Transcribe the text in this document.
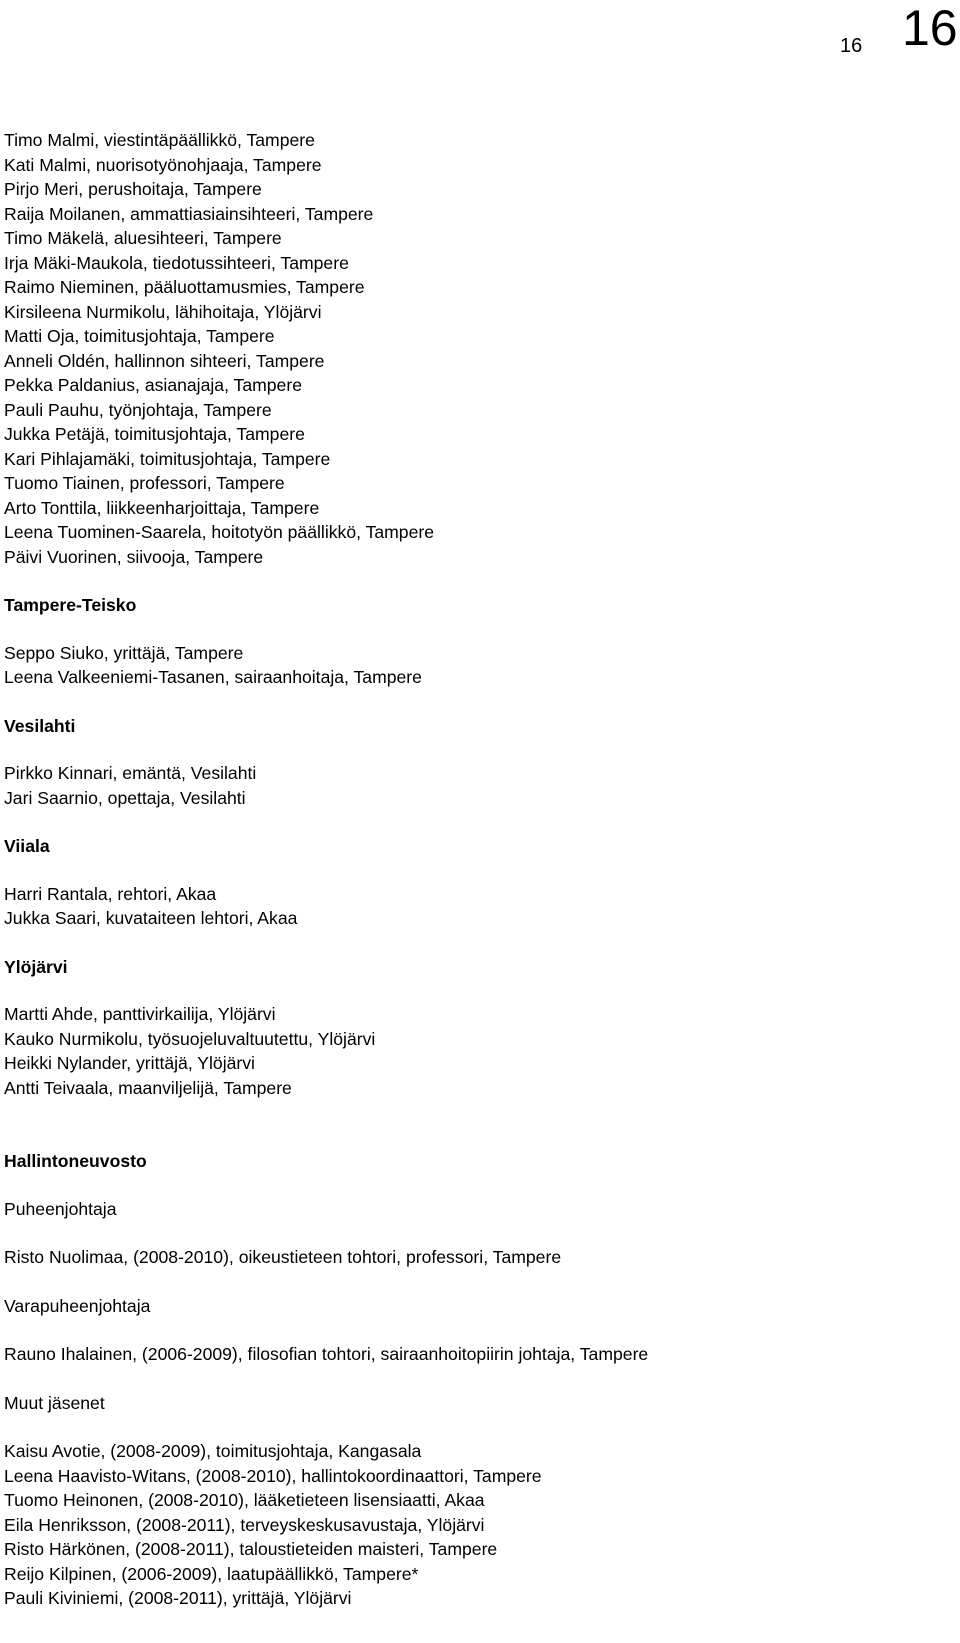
16 16
Timo Malmi, viestintäpäällikkö, Tampere
Kati Malmi, nuorisotyönohjaaja, Tampere
Pirjo Meri, perushoitaja, Tampere
Raija Moilanen, ammattiasiainsihteeri, Tampere
Timo Mäkelä, aluesihteeri, Tampere
Irja Mäki-Maukola, tiedotussihteeri, Tampere
Raimo Nieminen, pääluottamusmies, Tampere
Kirsileena Nurmikolu, lähihoitaja, Ylöjärvi
Matti Oja, toimitusjohtaja, Tampere
Anneli Oldén, hallinnon sihteeri, Tampere
Pekka Paldanius, asianajaja, Tampere
Pauli Pauhu, työnjohtaja, Tampere
Jukka Petäjä, toimitusjohtaja, Tampere
Kari Pihlajamäki, toimitusjohtaja, Tampere
Tuomo Tiainen, professori, Tampere
Arto Tonttila, liikkeenharjoittaja, Tampere
Leena Tuominen-Saarela, hoitotyön päällikkö, Tampere
Päivi Vuorinen, siivooja, Tampere
Tampere-Teisko
Seppo Siuko, yrittäjä, Tampere
Leena Valkeeniemi-Tasanen, sairaanhoitaja, Tampere
Vesilahti
Pirkko Kinnari, emäntä, Vesilahti
Jari Saarnio, opettaja, Vesilahti
Viiala
Harri Rantala, rehtori, Akaa
Jukka Saari, kuvataiteen lehtori, Akaa
Ylöjärvi
Martti Ahde, panttivirkailija, Ylöjärvi
Kauko Nurmikolu, työsuojeluvaltuutettu, Ylöjärvi
Heikki Nylander, yrittäjä, Ylöjärvi
Antti Teivaala, maanviljelijä, Tampere
Hallintoneuvosto
Puheenjohtaja
Risto Nuolimaa, (2008-2010), oikeustieteen tohtori, professori, Tampere
Varapuheenjohtaja
Rauno Ihalainen, (2006-2009), filosofian tohtori, sairaanhoitopiirin johtaja, Tampere
Muut jäsenet
Kaisu Avotie, (2008-2009), toimitusjohtaja, Kangasala
Leena Haavisto-Witans, (2008-2010), hallintokoordinaattori, Tampere
Tuomo Heinonen, (2008-2010), lääketieteen lisensiaatti, Akaa
Eila Henriksson, (2008-2011), terveyskeskusavustaja, Ylöjärvi
Risto Härkönen, (2008-2011), taloustieteiden maisteri, Tampere
Reijo Kilpinen, (2006-2009), laatupäällikkö, Tampere*
Pauli Kiviniemi, (2008-2011), yrittäjä, Ylöjärvi
